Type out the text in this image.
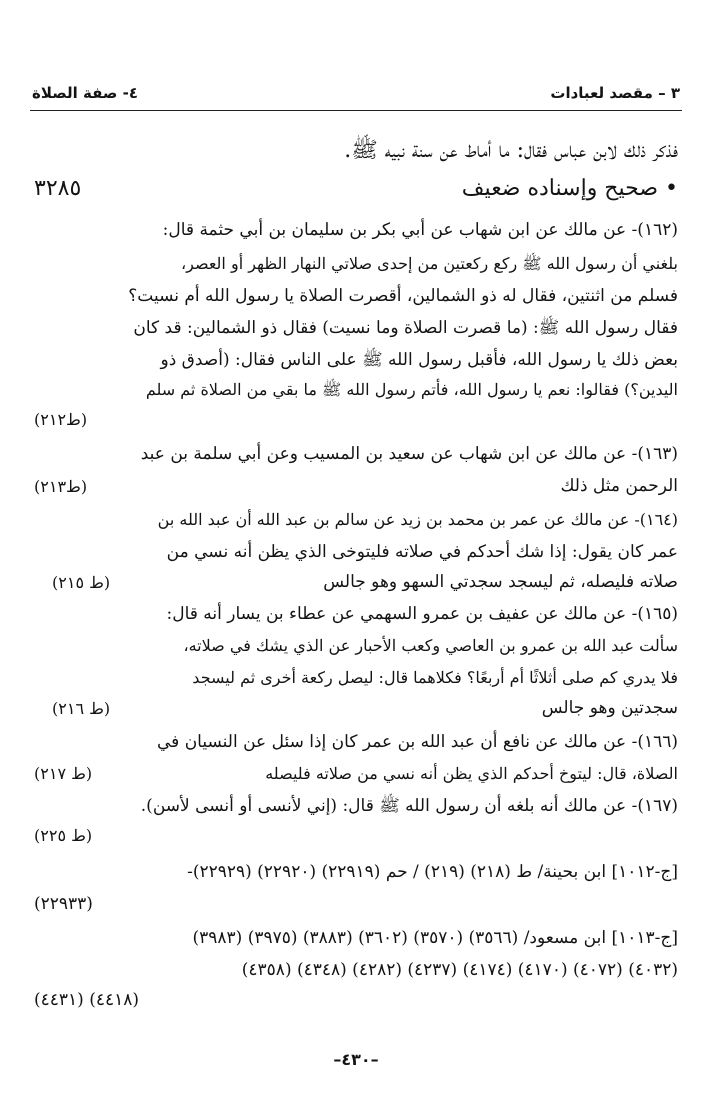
٣ – مقصد لعبادات
٤- صفة الصلاة
فذكر ذلك لابن عباس فقال: ما أماط عن سنة نبيه ﷺ.
• صحيح وإسناده ضعيف
٣٢٨٥
(١٦٢)- عن مالك عن ابن شهاب عن أبي بكر بن سليمان بن أبي حثمة قال:
بلغني أن رسول الله ﷺ ركع ركعتين من إحدى صلاتي النهار الظهر أو العصر،
فسلم من اثنتين، فقال له ذو الشمالين، أقصرت الصلاة يا رسول الله أم نسيت؟
فقال رسول الله ﷺ: (ما قصرت الصلاة وما نسيت) فقال ذو الشمالين: قد كان
بعض ذلك يا رسول الله، فأقبل رسول الله ﷺ على الناس فقال: (أصدق ذو
اليدين؟) فقالوا: نعم يا رسول الله، فأتم رسول الله ﷺ ما بقي من الصلاة ثم سلم
(ط٢١٢)
(١٦٣)- عن مالك عن ابن شهاب عن سعيد بن المسيب وعن أبي سلمة بن عبد
الرحمن مثل ذلك
(ط٢١٣)
(١٦٤)- عن مالك عن عمر بن محمد بن زيد عن سالم بن عبد الله أن عبد الله بن
عمر كان يقول: إذا شك أحدكم في صلاته فليتوخى الذي يظن أنه نسي من
صلاته فليصله، ثم ليسجد سجدتي السهو وهو جالس
(ط ٢١٥)
(١٦٥)- عن مالك عن عفيف بن عمرو السهمي عن عطاء بن يسار أنه قال:
سألت عبد الله بن عمرو بن العاصي وكعب الأحبار عن الذي يشك في صلاته،
فلا يدري كم صلى أثلاثًا أم أربعًا؟ فكلاهما قال: ليصل ركعة أخرى ثم ليسجد
سجدتين وهو جالس
(ط ٢١٦)
(١٦٦)- عن مالك عن نافع أن عبد الله بن عمر كان إذا سئل عن النسيان في
الصلاة، قال: ليتوخ أحدكم الذي يظن أنه نسي من صلاته فليصله
(ط ٢١٧)
(١٦٧)- عن مالك أنه بلغه أن رسول الله ﷺ قال: (إني لأنسى أو أنسى لأسن).
(ط ٢٢٥)
[ج-١٠١٢] ابن بحينة/ ط (٢١٨) (٢١٩) / حم (٢٢٩١٩) (٢٢٩٢٠) (٢٢٩٢٩)-
(٢٢٩٣٣)
[ج-١٠١٣] ابن مسعود/ (٣٥٦٦) (٣٥٧٠) (٣٦٠٢) (٣٨٨٣) (٣٩٧٥) (٣٩٨٣)
(٤٠٣٢) (٤٠٧٢) (٤١٧٠) (٤١٧٤) (٤٢٣٧) (٤٢٨٢) (٤٣٤٨) (٤٣٥٨)
(٤٤١٨) (٤٤٣١)
–٤٣٠–
